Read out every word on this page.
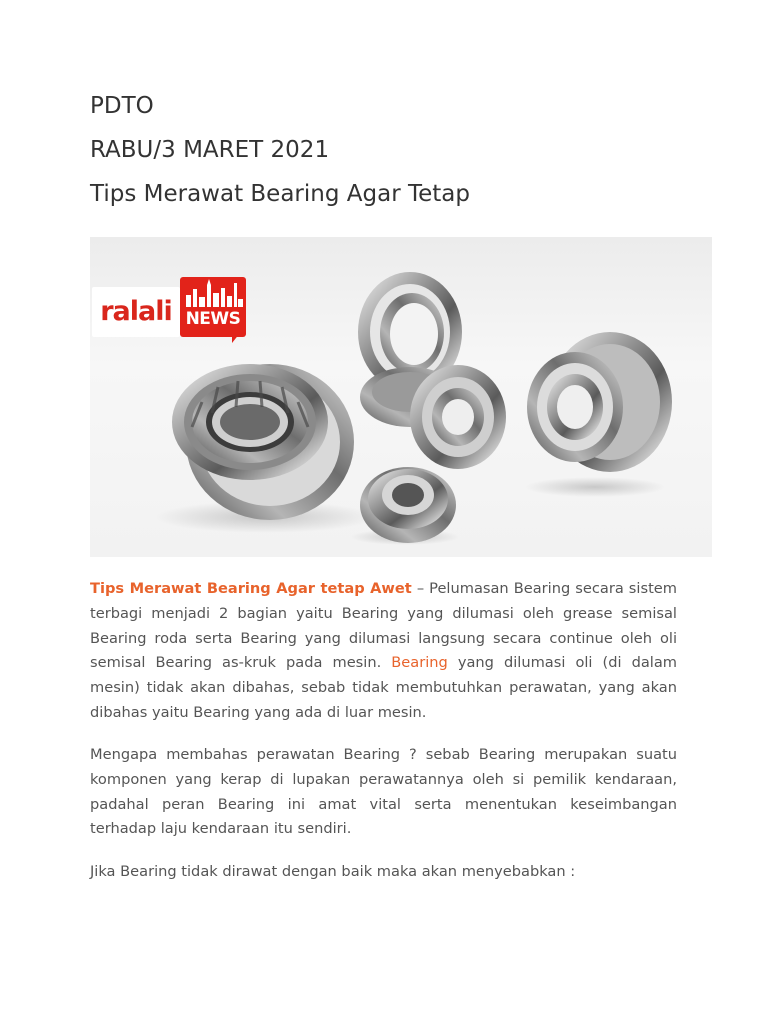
PDTO
RABU/3 MARET 2021
Tips Merawat Bearing Agar Tetap
ralali NEWS

Tips Merawat Bearing Agar tetap Awet – Pelumasan Bearing secara sistem terbagi menjadi 2 bagian yaitu Bearing yang dilumasi oleh grease semisal Bearing roda serta Bearing yang dilumasi langsung secara continue oleh oli semisal Bearing as-kruk pada mesin. Bearing yang dilumasi oli (di dalam mesin) tidak akan dibahas, sebab tidak membutuhkan perawatan, yang akan dibahas yaitu Bearing yang ada di luar mesin.

Mengapa membahas perawatan Bearing ? sebab Bearing merupakan suatu komponen yang kerap di lupakan perawatannya oleh si pemilik kendaraan, padahal peran Bearing ini amat vital serta menentukan keseimbangan terhadap laju kendaraan itu sendiri.

Jika Bearing tidak dirawat dengan baik maka akan menyebabkan :
